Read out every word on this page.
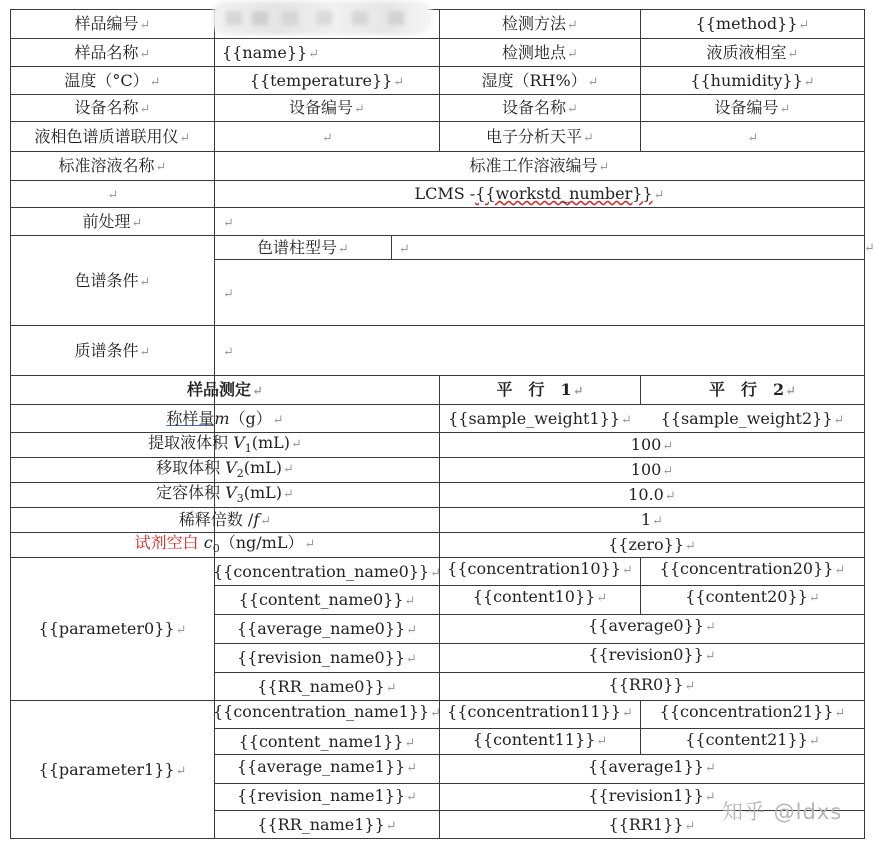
样品编号 ↵	检测方法 ↵	{{method}} ↵
样品名称 ↵	{{name}} ↵	检测地点 ↵	液质液相室 ↵
温度（°C） ↵	{{temperature}} ↵	湿度（RH%） ↵	{{humidity}} ↵
设备名称 ↵	设备编号 ↵	设备名称 ↵	设备编号 ↵
液相色谱质谱联用仪 ↵ ↵	电子分析天平 ↵
↵
标准溶液名称 ↵	标准工作溶液编号 ↵
↵
LCMS -{{workstd_number}} ↵
前处理 ↵
↵
色谱条件 ↵
色谱柱型号 ↵ ↵	↵
↵
质谱条件 ↵
↵
样品测定 ↵	平　行　1 ↵	平　行　2 ↵
称样量m（g） ↵	{{sample_weight1}} ↵	{{sample_weight2}} ↵
提取液体积 $V_1(mL)$ ↵	100 ↵
移取体积 $V_2(mL)$ ↵	100 ↵
定容体积 $V_3(mL)$ ↵	10.0 ↵
稀释倍数 /f ↵	1 ↵
试剂空白 $c_0(ng/mL)$ ↵	{{zero}} ↵
{{parameter0}} ↵
{{concentration_name0}} ↵	{{concentration10}} ↵	{{concentration20}} ↵
{{content_name0}} ↵	{{content10}} ↵	{{content20}} ↵
{{average_name0}} ↵	{{average0}} ↵
{{revision_name0}} ↵	{{revision0}} ↵
{{RR_name0}} ↵	{{RR0}} ↵
{{parameter1}} ↵
{{concentration_name1}} ↵	{{concentration11}} ↵	{{concentration21}} ↵
{{content_name1}} ↵	{{content11}} ↵	{{content21}} ↵
{{average_name1}} ↵	{{average1}} ↵
{{revision_name1}} ↵	{{revision1}} ↵
{{RR_name1}} ↵	{{RR1}} ↵	知乎 @ldxs
